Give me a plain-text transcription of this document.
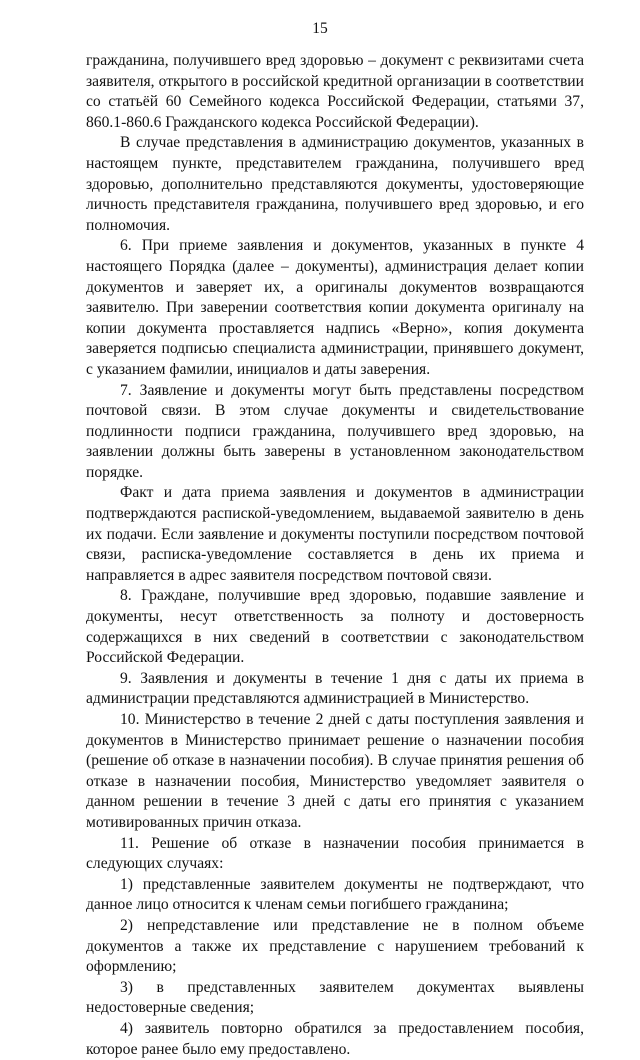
15

гражданина, получившего вред здоровью – документ с реквизитами счета заявителя, открытого в российской кредитной организации в соответствии со статьёй 60 Семейного кодекса Российской Федерации, статьями 37, 860.1-860.6 Гражданского кодекса Российской Федерации).

В случае представления в администрацию документов, указанных в настоящем пункте, представителем гражданина, получившего вред здоровью, дополнительно представляются документы, удостоверяющие личность представителя гражданина, получившего вред здоровью, и его полномочия.

6. При приеме заявления и документов, указанных в пункте 4 настоящего Порядка (далее – документы), администрация делает копии документов и заверяет их, а оригиналы документов возвращаются заявителю. При заверении соответствия копии документа оригиналу на копии документа проставляется надпись «Верно», копия документа заверяется подписью специалиста администрации, принявшего документ, с указанием фамилии, инициалов и даты заверения.

7. Заявление и документы могут быть представлены посредством почтовой связи. В этом случае документы и свидетельствование подлинности подписи гражданина, получившего вред здоровью, на заявлении должны быть заверены в установленном законодательством порядке.

Факт и дата приема заявления и документов в администрации подтверждаются распиской-уведомлением, выдаваемой заявителю в день их подачи. Если заявление и документы поступили посредством почтовой связи, расписка-уведомление составляется в день их приема и направляется в адрес заявителя посредством почтовой связи.

8. Граждане, получившие вред здоровью, подавшие заявление и документы, несут ответственность за полноту и достоверность содержащихся в них сведений в соответствии с законодательством Российской Федерации.

9. Заявления и документы в течение 1 дня с даты их приема в администрации представляются администрацией в Министерство.

10. Министерство в течение 2 дней с даты поступления заявления и документов в Министерство принимает решение о назначении пособия (решение об отказе в назначении пособия). В случае принятия решения об отказе в назначении пособия, Министерство уведомляет заявителя о данном решении в течение 3 дней с даты его принятия с указанием мотивированных причин отказа.

11. Решение об отказе в назначении пособия принимается в следующих случаях:

1) представленные заявителем документы не подтверждают, что данное лицо относится к членам семьи погибшего гражданина;

2) непредставление или представление не в полном объеме документов а также их представление с нарушением требований к оформлению;

3) в представленных заявителем документах выявлены недостоверные сведения;

4) заявитель повторно обратился за предоставлением пособия, которое ранее было ему предоставлено.
